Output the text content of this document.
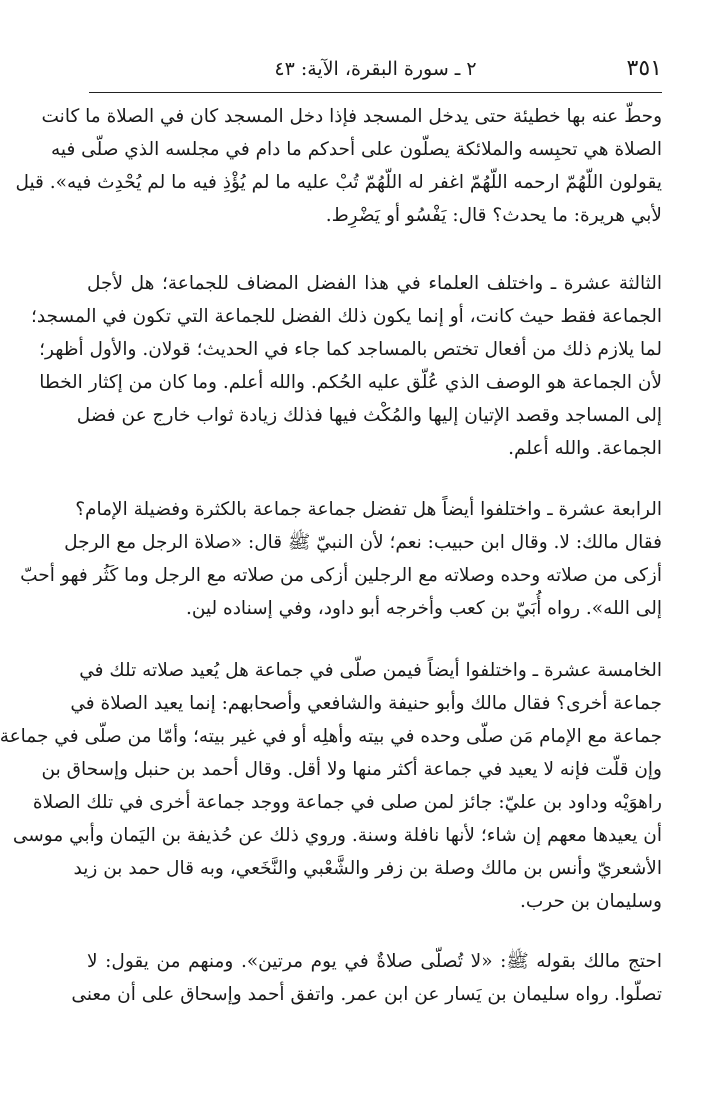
٣٥١
٢ ـ سورة البقرة، الآية: ٤٣
وحطّ عنه بها خطيئة حتى يدخل المسجد فإذا دخل المسجد كان في الصلاة ما كانت
الصلاة هي تحبِسه والملائكة يصلّون على أحدكم ما دام في مجلسه الذي صلّى فيه
يقولون اللّهُمّ ارحمه اللّهُمّ اغفر له اللّهُمّ تُبْ عليه ما لم يُؤْذِ فيه ما لم يُحْدِث فيه». قيل
لأبي هريرة: ما يحدث؟ قال: يَفْسُو أو يَضْرِط.
الثالثة عشرة ـ واختلف العلماء في هذا الفضل المضاف للجماعة؛ هل لأجل
الجماعة فقط حيث كانت، أو إنما يكون ذلك الفضل للجماعة التي تكون في المسجد؛
لما يلازم ذلك من أفعال تختص بالمساجد كما جاء في الحديث؛ قولان. والأول أظهر؛
لأن الجماعة هو الوصف الذي عُلّق عليه الحُكم. والله أعلم. وما كان من إكثار الخطا
إلى المساجد وقصد الإتيان إليها والمُكْث فيها فذلك زيادة ثواب خارج عن فضل
الجماعة. والله أعلم.
الرابعة عشرة ـ واختلفوا أيضاً هل تفضل جماعة جماعة بالكثرة وفضيلة الإمام؟
فقال مالك: لا. وقال ابن حبيب: نعم؛ لأن النبيّ ﷺ قال: «صلاة الرجل مع الرجل
أزكى من صلاته وحده وصلاته مع الرجلين أزكى من صلاته مع الرجل وما كَثُر فهو أحبّ
إلى الله». رواه أُبَيّ بن كعب وأخرجه أبو داود، وفي إسناده لين.
الخامسة عشرة ـ واختلفوا أيضاً فيمن صلّى في جماعة هل يُعيد صلاته تلك في
جماعة أخرى؟ فقال مالك وأبو حنيفة والشافعي وأصحابهم: إنما يعيد الصلاة في
جماعة مع الإمام مَن صلّى وحده في بيته وأهلِه أو في غير بيته؛ وأمّا من صلّى في جماعة
وإن قلّت فإنه لا يعيد في جماعة أكثر منها ولا أقل. وقال أحمد بن حنبل وإسحاق بن
راهوَيْه وداود بن عليّ: جائز لمن صلى في جماعة ووجد جماعة أخرى في تلك الصلاة
أن يعيدها معهم إن شاء؛ لأنها نافلة وسنة. وروي ذلك عن حُذيفة بن اليَمان وأبي موسى
الأشعريّ وأنس بن مالك وصلة بن زفر والشَّعْبي والنَّخَعي، وبه قال حمد بن زيد
وسليمان بن حرب.
احتج مالك بقوله ﷺ: «لا تُصلّى صلاةٌ في يوم مرتين». ومنهم من يقول: لا
تصلّوا. رواه سليمان بن يَسار عن ابن عمر. واتفق أحمد وإسحاق على أن معنى
